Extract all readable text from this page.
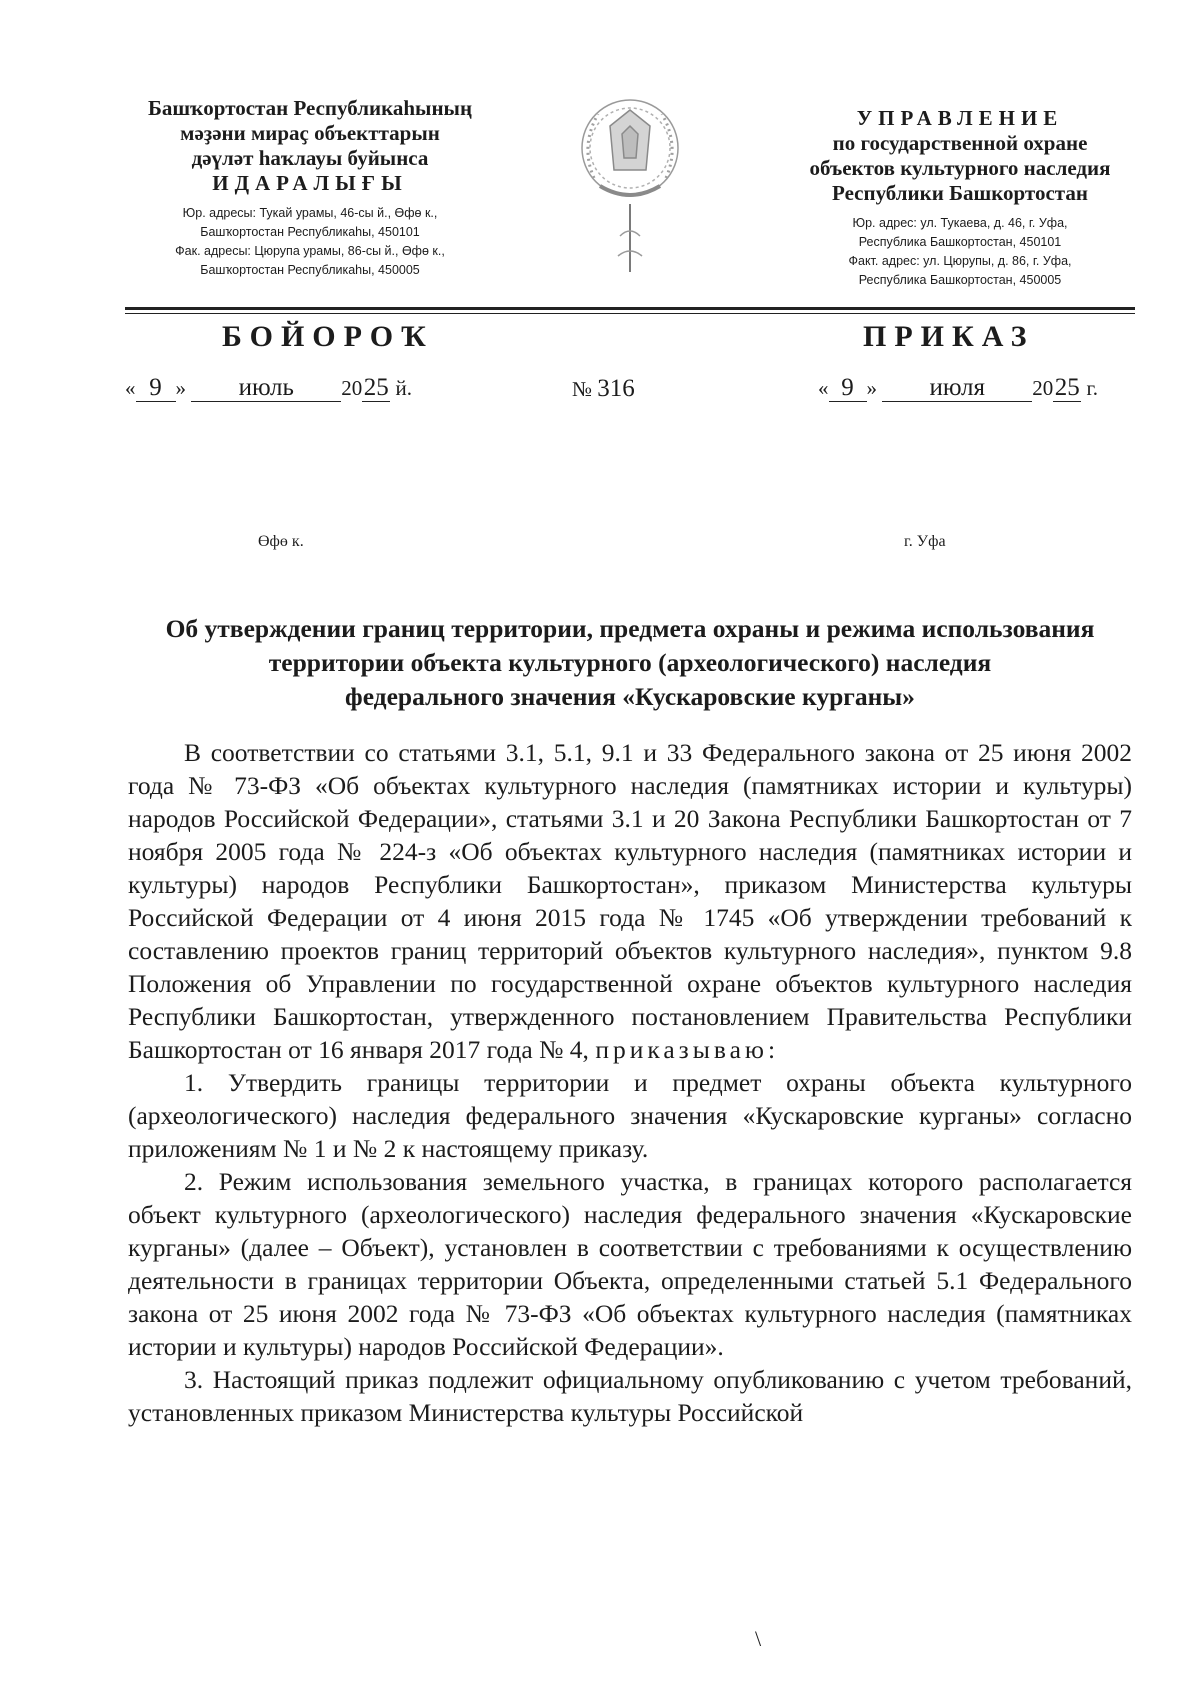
Башҡортостан Республикаһының
мәҙәни мираҫ объекттарын
дәүләт һаҡлауы буйынса
ИДАРАЛЫҒЫ
Юр. адресы: Тукай урамы, 46-сы й., Өфө к.,
Башҡортостан Республикаһы, 450101
Фак. адресы: Цюрупа урамы, 86-сы й., Өфө к.,
Башҡортостан Республикаһы, 450005
УПРАВЛЕНИЕ
по государственной охране
объектов культурного наследия
Республики Башкортостан
Юр. адрес: ул. Тукаева, д. 46, г. Уфа,
Республика Башкортостан, 450101
Факт. адрес: ул. Цюрупы, д. 86, г. Уфа,
Республика Башкортостан, 450005
БОЙОРОҠ	ПРИКАЗ
« 9 » июль 2025 й.	№ 316	« 9 » июля 2025 г.
Өфө к.	г. Уфа
Об утверждении границ территории, предмета охраны и режима использования
территории объекта культурного (археологического) наследия
федерального значения «Кускаровские курганы»

В соответствии со статьями 3.1, 5.1, 9.1 и 33 Федерального закона от 25 июня 2002 года № 73-ФЗ «Об объектах культурного наследия (памятниках истории и культуры) народов Российской Федерации», статьями 3.1 и 20 Закона Республики Башкортостан от 7 ноября 2005 года № 224-з «Об объектах культурного наследия (памятниках истории и культуры) народов Республики Башкортостан», приказом Министерства культуры Российской Федерации от 4 июня 2015 года № 1745 «Об утверждении требований к составлению проектов границ территорий объектов культурного наследия», пунктом 9.8 Положения об Управлении по государственной охране объектов культурного наследия Республики Башкортостан, утвержденного постановлением Правительства Республики Башкортостан от 16 января 2017 года № 4, приказываю:

1. Утвердить границы территории и предмет охраны объекта культурного (археологического) наследия федерального значения «Кускаровские курганы» согласно приложениям № 1 и № 2 к настоящему приказу.

2. Режим использования земельного участка, в границах которого располагается объект культурного (археологического) наследия федерального значения «Кускаровские курганы» (далее – Объект), установлен в соответствии с требованиями к осуществлению деятельности в границах территории Объекта, определенными статьей 5.1 Федерального закона от 25 июня 2002 года № 73-ФЗ «Об объектах культурного наследия (памятниках истории и культуры) народов Российской Федерации».

3. Настоящий приказ подлежит официальному опубликованию с учетом требований, установленных приказом Министерства культуры Российской

\
